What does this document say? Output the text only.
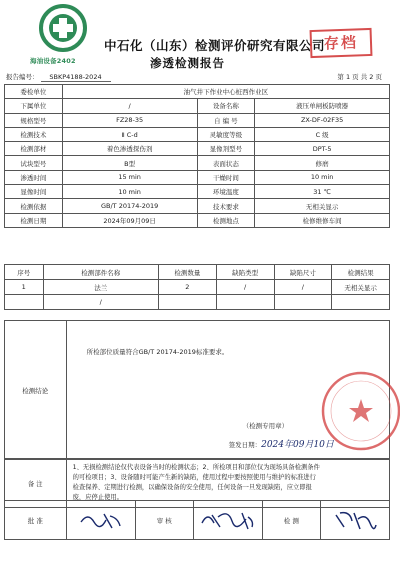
海油设备2402
中石化（山东）检测评价研究有限公司
渗透检测报告
存档
报告编号： SBKP4188-2024	第 1 页 共 2 页
委检单位	油气井下作业中心桩西作业区		
下属单位	/	设备名称	液压单闸板防喷器
规格型号	FZ28-35	自 编 号	ZX-DF-02F35
检测技术	Ⅱ C-d	灵敏度等级	C 级
检测部材	着色渗透探伤剂	显像剂型号	DPT-5
试块型号	B型	表面状态	修磨
渗透时间	15 min	干燥时间	10 min
显像时间	10 min	环境温度	31 ℃
检测依据	GB/T 20174-2019	技术要求	无相关显示
检测日期	2024年09月09日	检测地点	检修维修车间
序号	检测部件名称	检测数量	缺陷类型	缺陷尺寸	检测结果
1	法兰	2	/	/	无相关显示
	/				
检测结论	
所检部位质量符合GB/T 20174-2019标准要求。
（检测专用章）
签发日期：2024年09月10日
备 注	
1、无损检测结论仅代表设备当时的检测状态；2、所检项目和部位仅为现场具备检测条件
的可检项目；3、设备随时可能产生新的缺陷，使用过程中要按照使用与维护的标准进行
检查保养、定期进行检测，以确保设备的安全使用，任何设备一旦发现缺陷，应立即报
废，应停止使用。
批 准		审 核		检 测	
